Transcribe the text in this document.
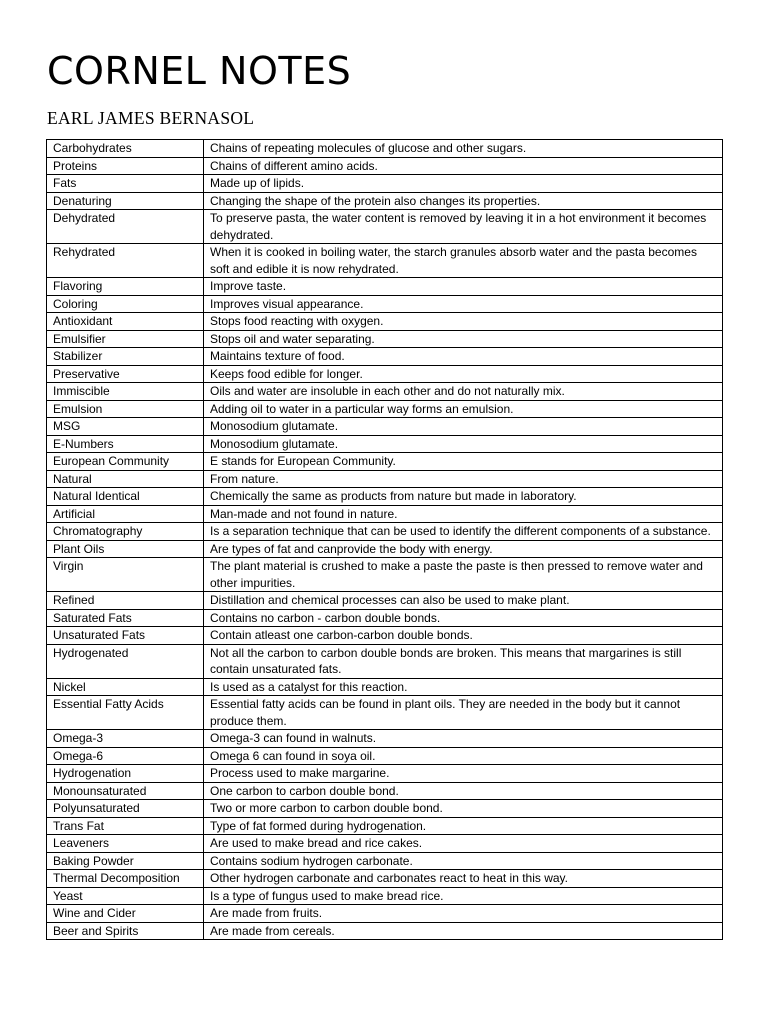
CORNEL NOTES
EARL JAMES BERNASOL
Carbohydrates	Chains of repeating molecules of glucose and other sugars.
Proteins	Chains of different amino acids.
Fats	Made up of lipids.
Denaturing	Changing the shape of the protein also changes its properties.
Dehydrated	To preserve pasta, the water content is removed by leaving it in a hot environment it becomes dehydrated.
Rehydrated	When it is cooked in boiling water, the starch granules absorb water and the pasta becomes soft and edible it is now rehydrated.
Flavoring	Improve taste.
Coloring	Improves visual appearance.
Antioxidant	Stops food reacting with oxygen.
Emulsifier	Stops oil and water separating.
Stabilizer	Maintains texture of food.
Preservative	Keeps food edible for longer.
Immiscible	Oils and water are insoluble in each other and do not naturally mix.
Emulsion	Adding oil to water in a particular way forms an emulsion.
MSG	Monosodium glutamate.
E-Numbers	Monosodium glutamate.
European Community	E stands for European Community.
Natural	From nature.
Natural Identical	Chemically the same as products from nature but made in laboratory.
Artificial	Man-made and not found in nature.
Chromatography	Is a separation technique that can be used to identify the different components of a substance.
Plant Oils	Are types of fat and canprovide the body with energy.
Virgin	The plant material is crushed to make a paste the paste is then pressed to remove water and other impurities.
Refined	Distillation and chemical processes can also be used to make plant.
Saturated Fats	Contains no carbon - carbon double bonds.
Unsaturated Fats	Contain atleast one carbon-carbon double bonds.
Hydrogenated	Not all the carbon to carbon double bonds are broken. This means that margarines is still contain unsaturated fats.
Nickel	Is used as a catalyst for this reaction.
Essential Fatty Acids	Essential fatty acids can be found in plant oils. They are needed in the body but it cannot produce them.
Omega-3	Omega-3 can found in walnuts.
Omega-6	Omega 6 can found in soya oil.
Hydrogenation	Process used to make margarine.
Monounsaturated	One carbon to carbon double bond.
Polyunsaturated	Two or more carbon to carbon double bond.
Trans Fat	Type of fat formed during hydrogenation.
Leaveners	Are used to make bread and rice cakes.
Baking Powder	Contains sodium hydrogen carbonate.
Thermal Decomposition	Other hydrogen carbonate and carbonates react to heat in this way.
Yeast	Is a type of fungus used to make bread rice.
Wine and Cider	Are made from fruits.
Beer and Spirits	Are made from cereals.
